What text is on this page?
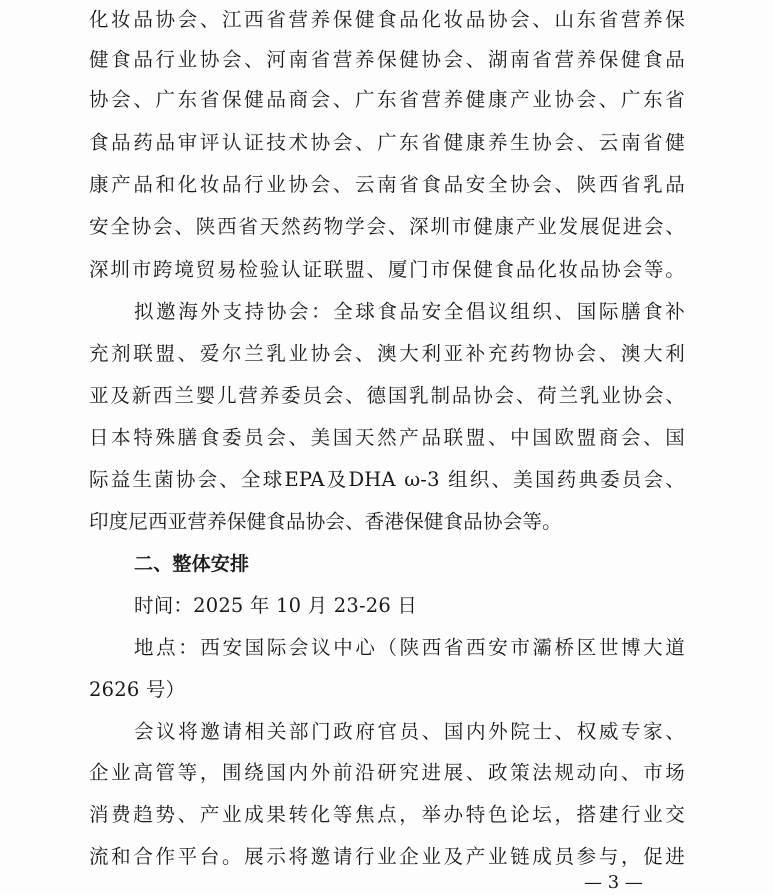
化妆品协会、江西省营养保健食品化妆品协会、山东省营养保
健食品行业协会、河南省营养保健协会、湖南省营养保健食品
协会、广东省保健品商会、广东省营养健康产业协会、广东省
食品药品审评认证技术协会、广东省健康养生协会、云南省健
康产品和化妆品行业协会、云南省食品安全协会、陕西省乳品
安全协会、陕西省天然药物学会、深圳市健康产业发展促进会、
深圳市跨境贸易检验认证联盟、厦门市保健食品化妆品协会等。
拟邀海外支持协会：全球食品安全倡议组织、国际膳食补
充剂联盟、爱尔兰乳业协会、澳大利亚补充药物协会、澳大利
亚及新西兰婴儿营养委员会、德国乳制品协会、荷兰乳业协会、
日本特殊膳食委员会、美国天然产品联盟、中国欧盟商会、国
际益生菌协会、全球EPA及DHA ω-3 组织、美国药典委员会、
印度尼西亚营养保健食品协会、香港保健食品协会等。
二、整体安排
时间：2025 年 10 月 23-26 日
地点：西安国际会议中心（陕西省西安市灞桥区世博大道
2626 号）
会议将邀请相关部门政府官员、国内外院士、权威专家、
企业高管等，围绕国内外前沿研究进展、政策法规动向、市场
消费趋势、产业成果转化等焦点，举办特色论坛，搭建行业交
流和合作平台。展示将邀请行业企业及产业链成员参与，促进
— 3 —
